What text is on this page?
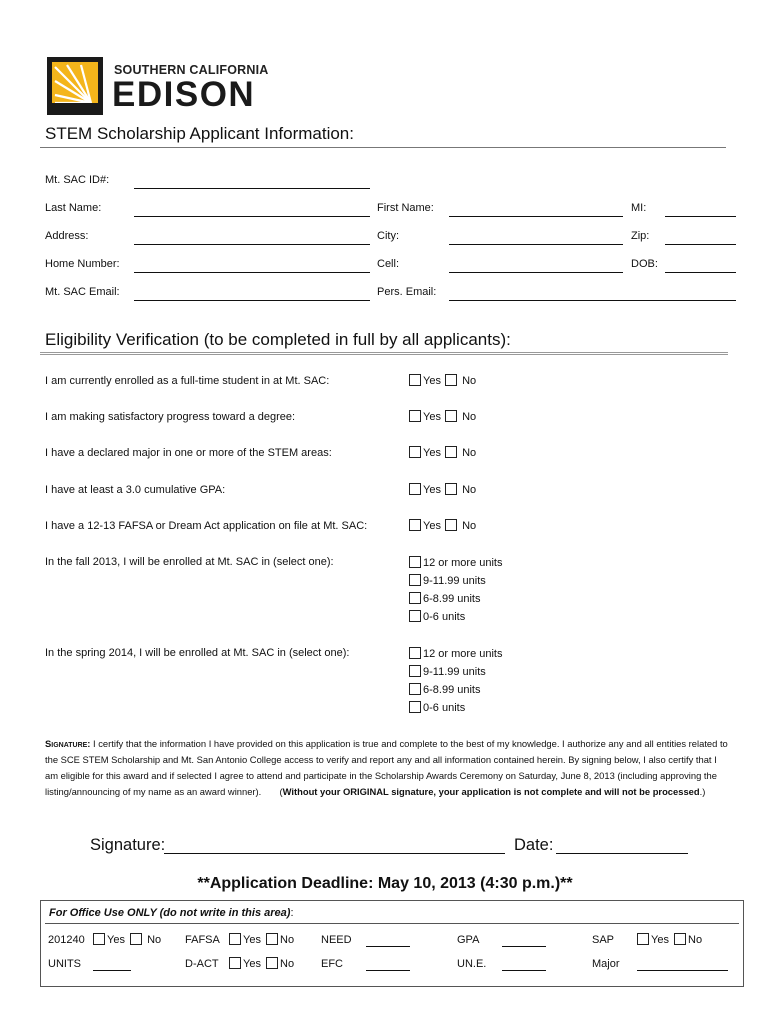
SOUTHERN CALIFORNIA
EDISON
STEM Scholarship Applicant Information:
Mt. SAC ID#:
Last Name:	First Name:	MI:
Address:	City:	Zip:
Home Number:	Cell:	DOB:
Mt. SAC Email:	Pers. Email:
Eligibility Verification (to be completed in full by all applicants):
I am currently enrolled as a full-time student in at Mt. SAC:	Yes No
I am making satisfactory progress toward a degree:	Yes No
I have a declared major in one or more of the STEM areas:	Yes No
I have at least a 3.0 cumulative GPA:	Yes No
I have a 12-13 FAFSA or Dream Act application on file at Mt. SAC:	Yes No
In the fall 2013, I will be enrolled at Mt. SAC in (select one):	12 or more units
9-11.99 units
6-8.99 units
0-6 units
In the spring 2014, I will be enrolled at Mt. SAC in (select one):	12 or more units
9-11.99 units
6-8.99 units
0-6 units
Signature: I certify that the information I have provided on this application is true and complete to the best of my knowledge. I authorize any and all entities related to the SCE STEM Scholarship and Mt. San Antonio College access to verify and report any and all information contained herein. By signing below, I also certify that I am eligible for this award and if selected I agree to attend and participate in the Scholarship Awards Ceremony on Saturday, June 8, 2013 (including approving the listing/announcing of my name as an award winner). (Without your ORIGINAL signature, your application is not complete and will not be processed.)
Signature:	Date:
**Application Deadline: May 10, 2013 (4:30 p.m.)**
For Office Use ONLY (do not write in this area):
201240	Yes No FAFSA	Yes No NEED	GPA	SAP	Yes No
UNITS	D-ACT	Yes No EFC	UN.E.	Major
